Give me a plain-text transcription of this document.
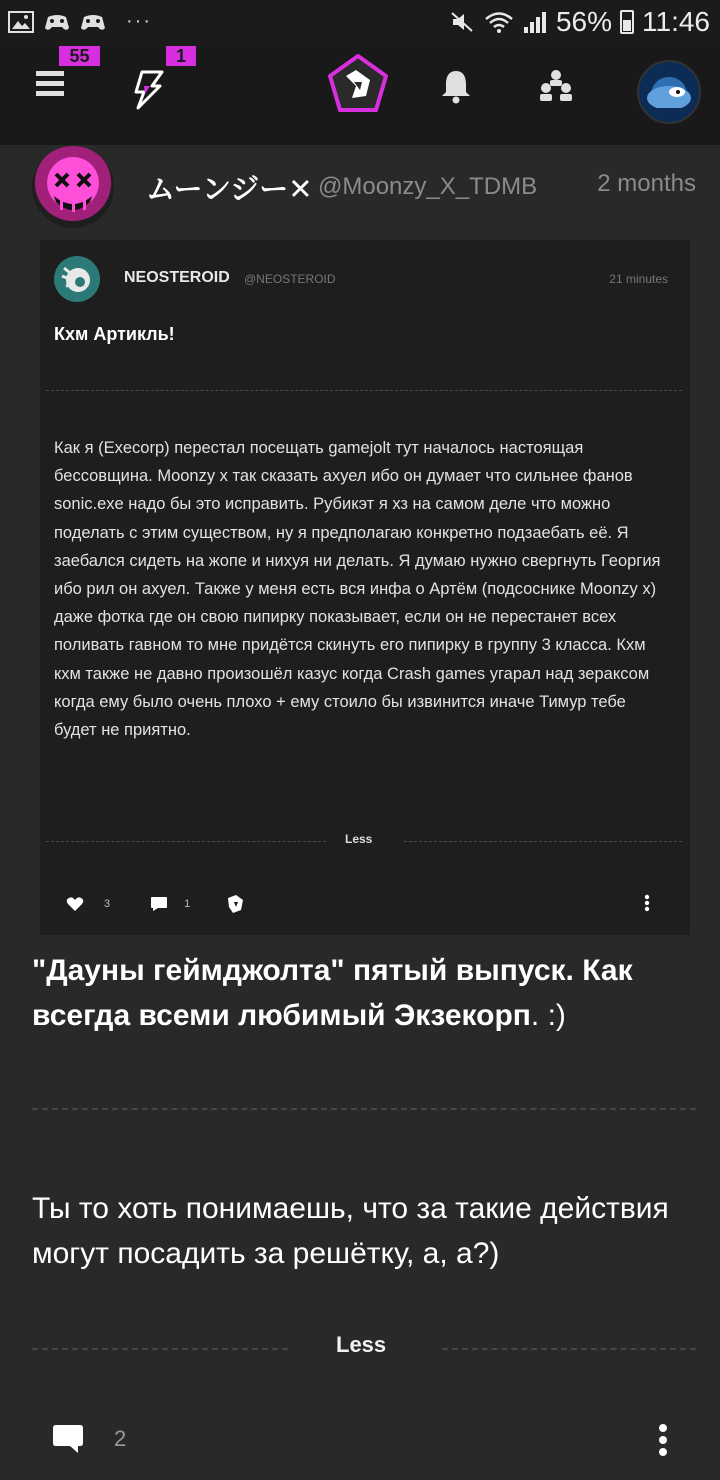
···	56% 11:46
55	1
ムーンジー✕ @Moonzy_X_TDMB	2 months
NEOSTEROID @NEOSTEROID	21 minutes
Кхм Артикль!
Как я (Execorp) перестал посещать gamejolt тут началось настоящая бессовщина. Moonzy x так сказать ахуел ибо он думает что сильнее фанов sonic.exe надо бы это исправить. Рубикэт я хз на самом деле что можно поделать с этим существом, ну я предполагаю конкретно подзаебать её. Я заебался сидеть на жопе и нихуя ни делать. Я думаю нужно свергнуть Георгия ибо рил он ахуел. Также у меня есть вся инфа о Артём (подсоснике Moonzy x) даже фотка где он свою пипирку показывает, если он не перестанет всех поливать гавном то мне придётся скинуть его пипирку в группу 3 класса. Кхм кхм также не давно произошёл казус когда Crash games угарал над зераксом когда ему было очень плохо + ему стоило бы извинится иначе Тимур тебе будет не приятно.
Less
3	1
"Дауны геймджолта" пятый выпуск. Как всегда всеми любимый Экзекорп. :)
Ты то хоть понимаешь, что за такие действия могут посадить за решётку, а, а?)
Less
2
